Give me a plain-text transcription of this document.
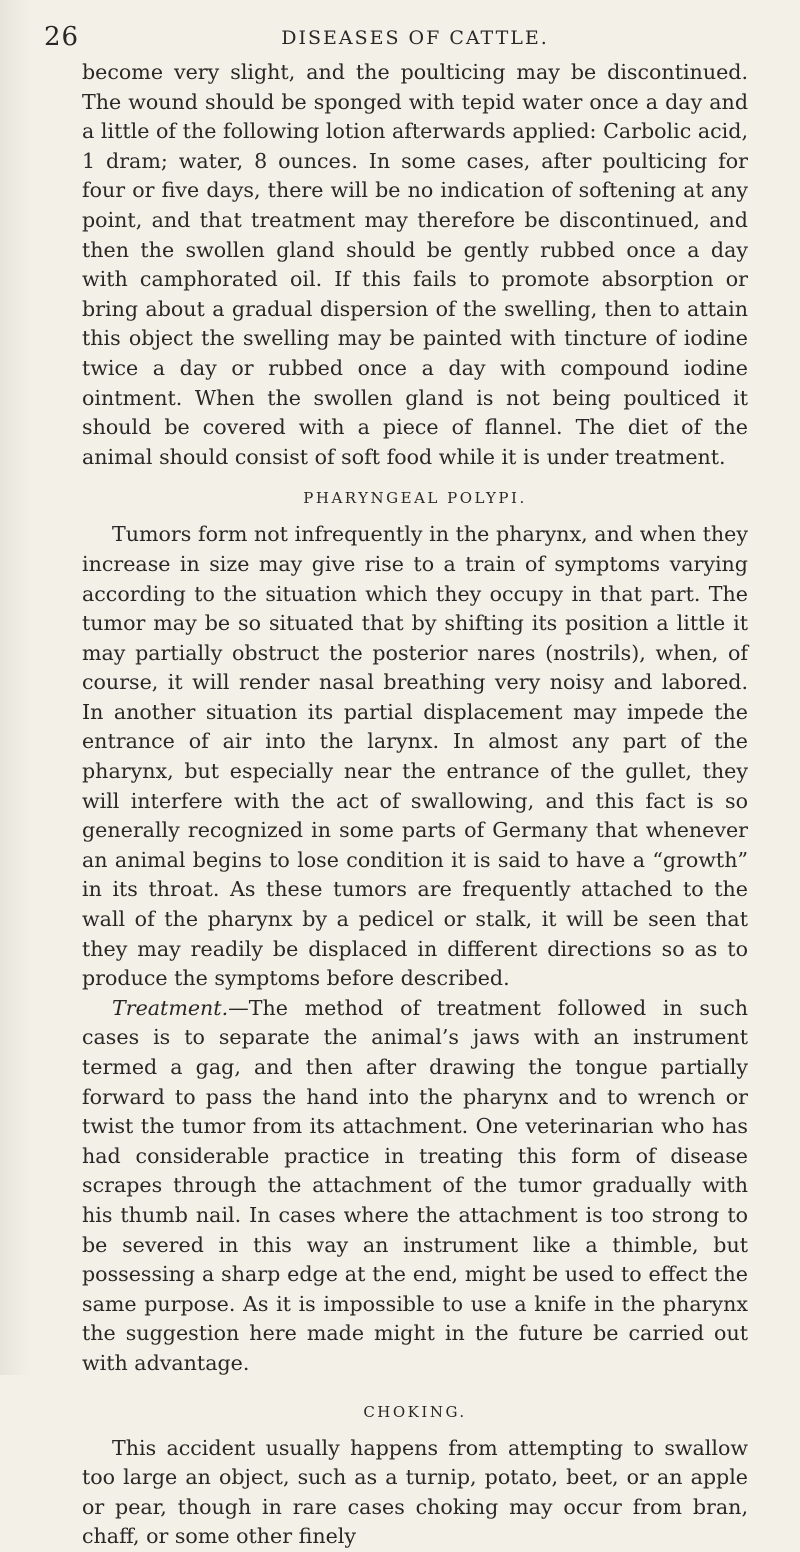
26	DISEASES OF CATTLE.

become very slight, and the poulticing may be discontinued. The wound should be sponged with tepid water once a day and a little of the following lotion afterwards applied: Carbolic acid, 1 dram; water, 8 ounces. In some cases, after poulticing for four or five days, there will be no indication of softening at any point, and that treatment may therefore be discontinued, and then the swollen gland should be gently rubbed once a day with camphorated oil. If this fails to promote absorption or bring about a gradual dispersion of the swelling, then to attain this object the swelling may be painted with tincture of iodine twice a day or rubbed once a day with compound iodine ointment. When the swollen gland is not being poulticed it should be covered with a piece of flannel. The diet of the animal should consist of soft food while it is under treatment.

PHARYNGEAL POLYPI.

Tumors form not infrequently in the pharynx, and when they increase in size may give rise to a train of symptoms varying according to the situation which they occupy in that part. The tumor may be so situated that by shifting its position a little it may partially obstruct the posterior nares (nostrils), when, of course, it will render nasal breathing very noisy and labored. In another situation its partial displacement may impede the entrance of air into the larynx. In almost any part of the pharynx, but especially near the entrance of the gullet, they will interfere with the act of swallowing, and this fact is so generally recognized in some parts of Germany that whenever an animal begins to lose condition it is said to have a “growth” in its throat. As these tumors are frequently attached to the wall of the pharynx by a pedicel or stalk, it will be seen that they may readily be displaced in different directions so as to produce the symptoms before described.

Treatment.—The method of treatment followed in such cases is to separate the animal’s jaws with an instrument termed a gag, and then after drawing the tongue partially forward to pass the hand into the pharynx and to wrench or twist the tumor from its attachment. One veterinarian who has had considerable practice in treating this form of disease scrapes through the attachment of the tumor gradually with his thumb nail. In cases where the attachment is too strong to be severed in this way an instrument like a thimble, but possessing a sharp edge at the end, might be used to effect the same purpose. As it is impossible to use a knife in the pharynx the suggestion here made might in the future be carried out with advantage.

CHOKING.

This accident usually happens from attempting to swallow too large an object, such as a turnip, potato, beet, or an apple or pear, though in rare cases choking may occur from bran, chaff, or some other finely
